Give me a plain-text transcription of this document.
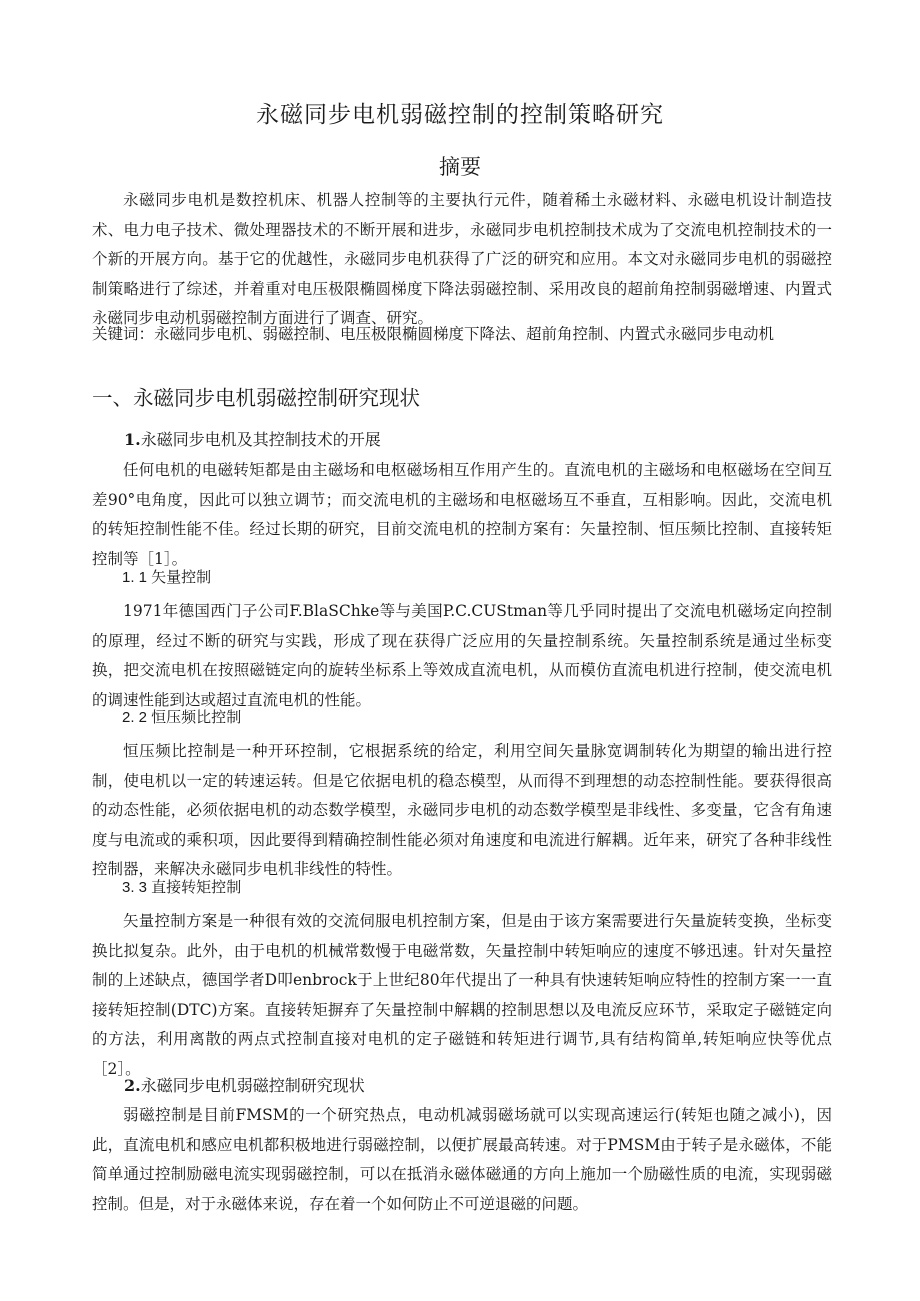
永磁同步电机弱磁控制的控制策略研究
摘要

永磁同步电机是数控机床、机器人控制等的主要执行元件，随着稀土永磁材料、永磁电机设计制造技术、电力电子技术、微处理器技术的不断开展和进步，永磁同步电机控制技术成为了交流电机控制技术的一个新的开展方向。基于它的优越性，永磁同步电机获得了广泛的研究和应用。本文对永磁同步电机的弱磁控制策略进行了综述，并着重对电压极限椭圆梯度下降法弱磁控制、采用改良的超前角控制弱磁增速、内置式永磁同步电动机弱磁控制方面进行了调查、研究。

关键词：永磁同步电机、弱磁控制、电压极限椭圆梯度下降法、超前角控制、内置式永磁同步电动机

一、永磁同步电机弱磁控制研究现状
1.永磁同步电机及其控制技术的开展

任何电机的电磁转矩都是由主磁场和电枢磁场相互作用产生的。直流电机的主磁场和电枢磁场在空间互差90°电角度，因此可以独立调节；而交流电机的主磁场和电枢磁场互不垂直，互相影响。因此，交流电机的转矩控制性能不佳。经过长期的研究，目前交流电机的控制方案有：矢量控制、恒压频比控制、直接转矩控制等［1］。

1. 1 矢量控制

1971年德国西门子公司F.BlaSChke等与美国P.C.CUStman等几乎同时提出了交流电机磁场定向控制的原理，经过不断的研究与实践，形成了现在获得广泛应用的矢量控制系统。矢量控制系统是通过坐标变换，把交流电机在按照磁链定向的旋转坐标系上等效成直流电机，从而模仿直流电机进行控制，使交流电机的调速性能到达或超过直流电机的性能。

2. 2 恒压频比控制

恒压频比控制是一种开环控制，它根据系统的给定，利用空间矢量脉宽调制转化为期望的输出进行控制，使电机以一定的转速运转。但是它依据电机的稳态模型，从而得不到理想的动态控制性能。要获得很高的动态性能，必须依据电机的动态数学模型，永磁同步电机的动态数学模型是非线性、多变量，它含有角速度与电流或的乘积项，因此要得到精确控制性能必须对角速度和电流进行解耦。近年来，研究了各种非线性控制器，来解决永磁同步电机非线性的特性。

3. 3 直接转矩控制

矢量控制方案是一种很有效的交流伺服电机控制方案，但是由于该方案需要进行矢量旋转变换，坐标变换比拟复杂。此外，由于电机的机械常数慢于电磁常数，矢量控制中转矩响应的速度不够迅速。针对矢量控制的上述缺点，德国学者D叩enbrock于上世纪80年代提出了一种具有快速转矩响应特性的控制方案一一直接转矩控制(DTC)方案。直接转矩摒弃了矢量控制中解耦的控制思想以及电流反应环节，采取定子磁链定向的方法，利用离散的两点式控制直接对电机的定子磁链和转矩进行调节,具有结构简单,转矩响应快等优点［2］。

2.永磁同步电机弱磁控制研究现状

弱磁控制是目前FMSM的一个研究热点，电动机减弱磁场就可以实现高速运行(转矩也随之减小)，因此，直流电机和感应电机都积极地进行弱磁控制，以便扩展最高转速。对于PMSM由于转子是永磁体，不能简单通过控制励磁电流实现弱磁控制，可以在抵消永磁体磁通的方向上施加一个励磁性质的电流，实现弱磁控制。但是，对于永磁体来说，存在着一个如何防止不可逆退磁的问题。
